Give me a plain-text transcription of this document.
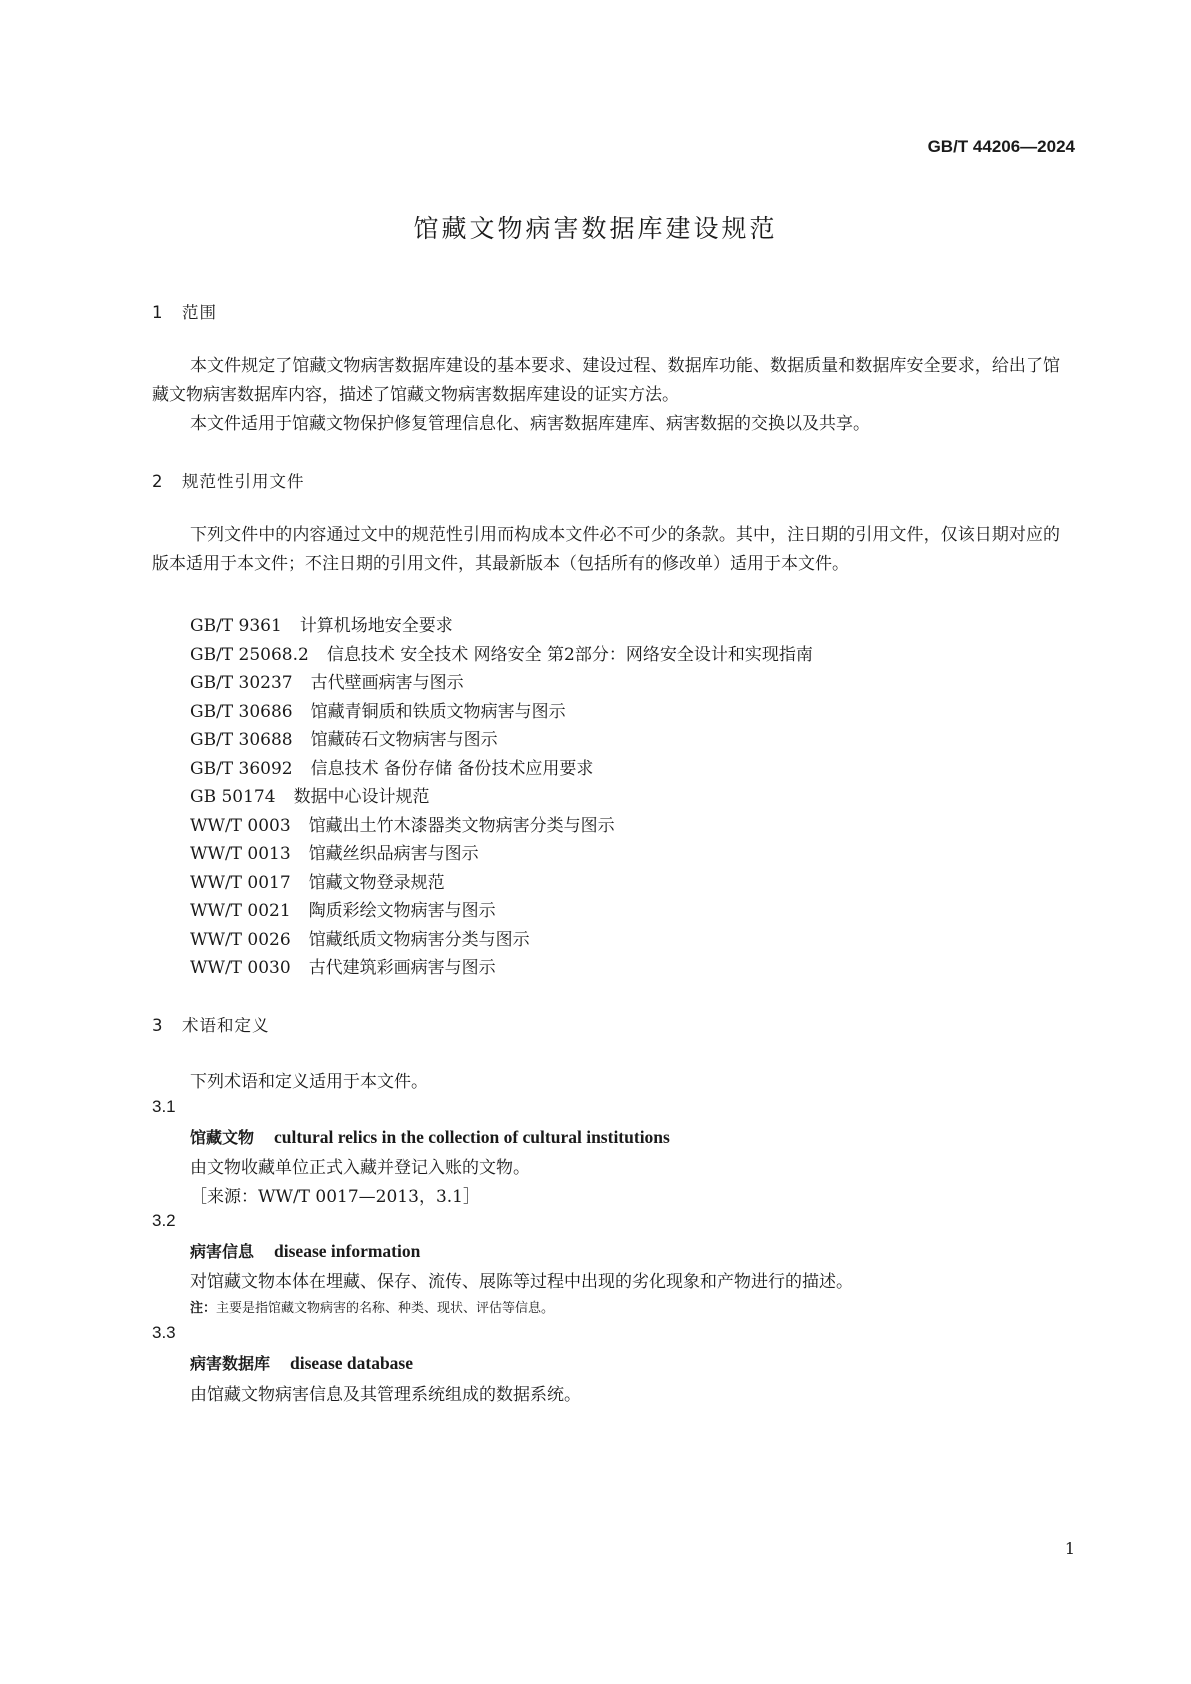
GB/T 44206—2024
馆藏文物病害数据库建设规范
1 范围
本文件规定了馆藏文物病害数据库建设的基本要求、建设过程、数据库功能、数据质量和数据库安全要求，给出了馆藏文物病害数据库内容，描述了馆藏文物病害数据库建设的证实方法。
本文件适用于馆藏文物保护修复管理信息化、病害数据库建库、病害数据的交换以及共享。
2 规范性引用文件
下列文件中的内容通过文中的规范性引用而构成本文件必不可少的条款。其中，注日期的引用文件，仅该日期对应的版本适用于本文件；不注日期的引用文件，其最新版本（包括所有的修改单）适用于本文件。
GB/T 9361 计算机场地安全要求
GB/T 25068.2 信息技术 安全技术 网络安全 第2部分：网络安全设计和实现指南
GB/T 30237 古代壁画病害与图示
GB/T 30686 馆藏青铜质和铁质文物病害与图示
GB/T 30688 馆藏砖石文物病害与图示
GB/T 36092 信息技术 备份存储 备份技术应用要求
GB 50174 数据中心设计规范
WW/T 0003 馆藏出土竹木漆器类文物病害分类与图示
WW/T 0013 馆藏丝织品病害与图示
WW/T 0017 馆藏文物登录规范
WW/T 0021 陶质彩绘文物病害与图示
WW/T 0026 馆藏纸质文物病害分类与图示
WW/T 0030 古代建筑彩画病害与图示
3 术语和定义
下列术语和定义适用于本文件。
3.1
馆藏文物 cultural relics in the collection of cultural institutions
由文物收藏单位正式入藏并登记入账的文物。
［来源：WW/T 0017—2013，3.1］
3.2
病害信息 disease information
对馆藏文物本体在埋藏、保存、流传、展陈等过程中出现的劣化现象和产物进行的描述。
注：主要是指馆藏文物病害的名称、种类、现状、评估等信息。
3.3
病害数据库 disease database
由馆藏文物病害信息及其管理系统组成的数据系统。
1
